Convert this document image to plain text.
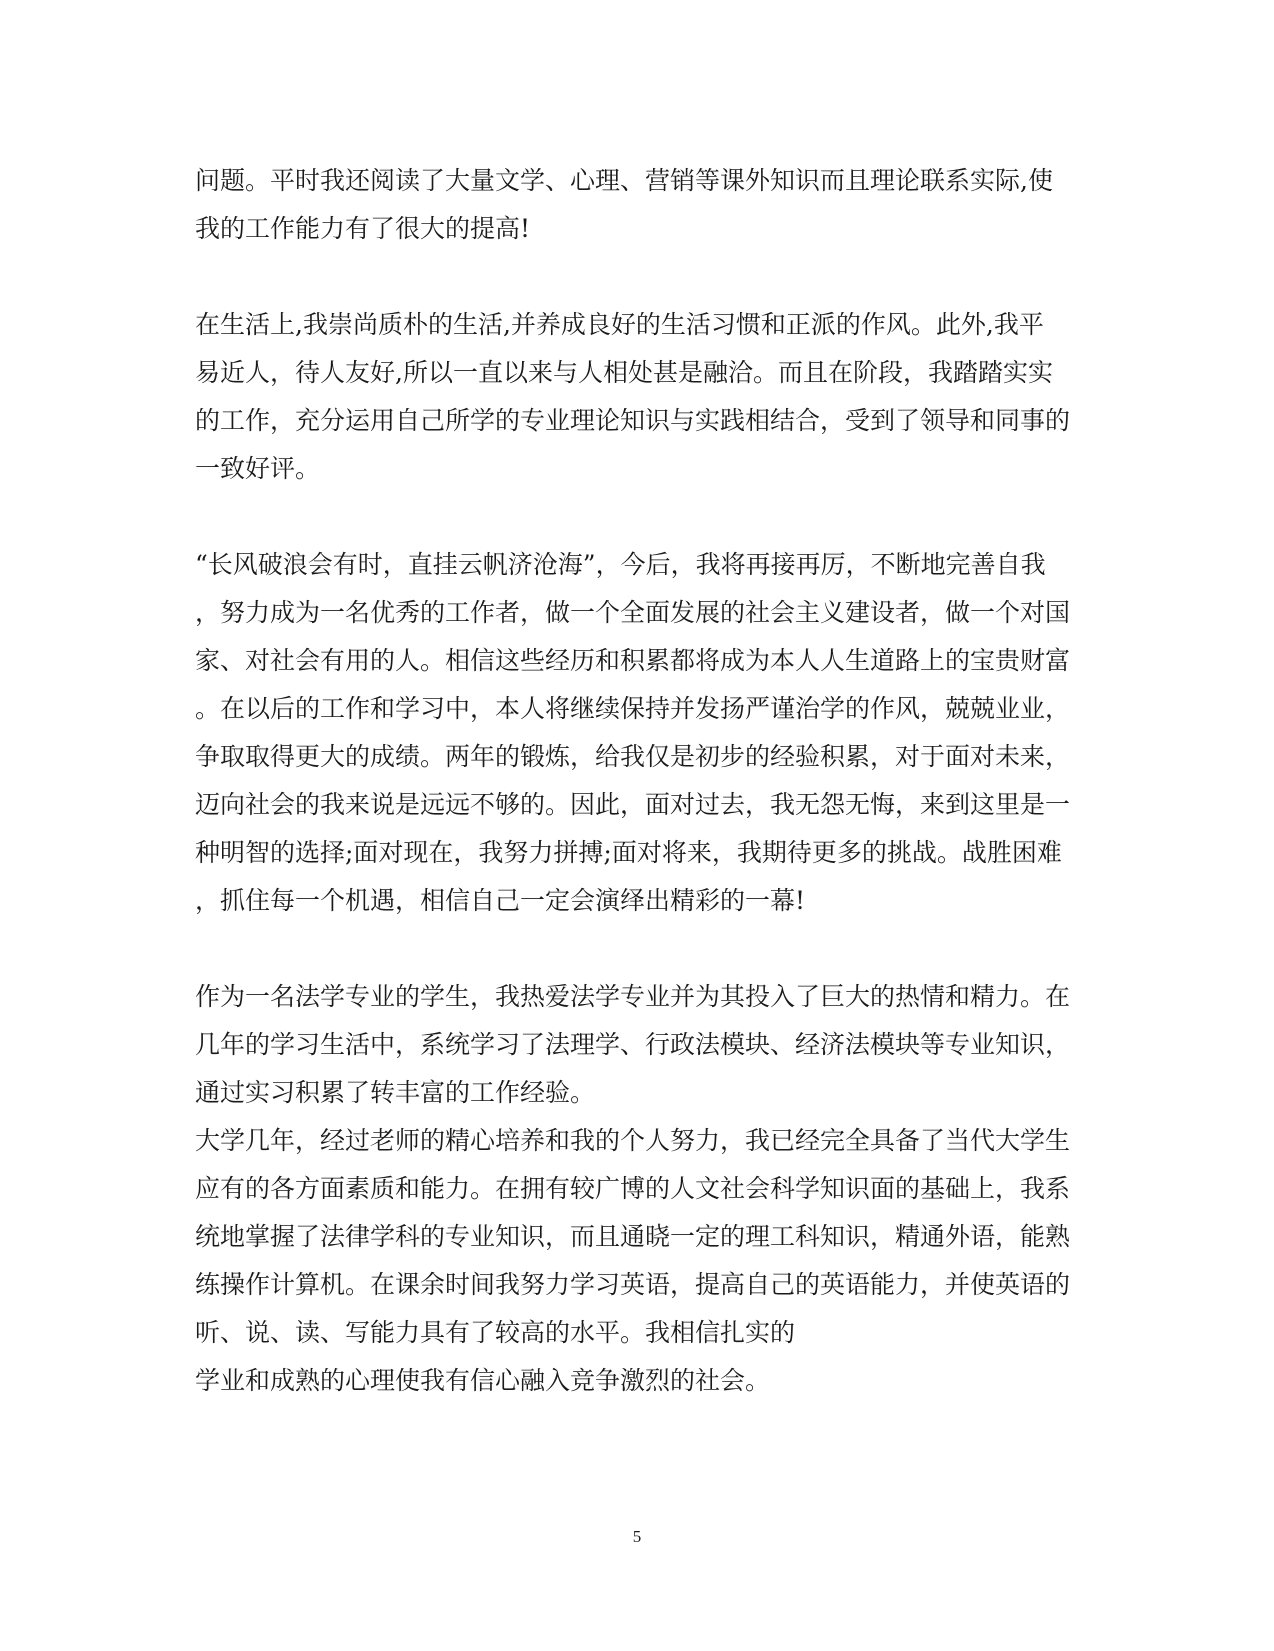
问题。平时我还阅读了大量文学、心理、营销等课外知识而且理论联系实际,使
我的工作能力有了很大的提高!
在生活上,我崇尚质朴的生活,并养成良好的生活习惯和正派的作风。此外,我平
易近人，待人友好,所以一直以来与人相处甚是融洽。而且在阶段，我踏踏实实
的工作，充分运用自己所学的专业理论知识与实践相结合，受到了领导和同事的
一致好评。
“长风破浪会有时，直挂云帆济沧海”，今后，我将再接再厉，不断地完善自我
，努力成为一名优秀的工作者，做一个全面发展的社会主义建设者，做一个对国
家、对社会有用的人。相信这些经历和积累都将成为本人人生道路上的宝贵财富
。在以后的工作和学习中，本人将继续保持并发扬严谨治学的作风，兢兢业业，
争取取得更大的成绩。两年的锻炼，给我仅是初步的经验积累，对于面对未来，
迈向社会的我来说是远远不够的。因此，面对过去，我无怨无悔，来到这里是一
种明智的选择;面对现在，我努力拼搏;面对将来，我期待更多的挑战。战胜困难
，抓住每一个机遇，相信自己一定会演绎出精彩的一幕!
作为一名法学专业的学生，我热爱法学专业并为其投入了巨大的热情和精力。在
几年的学习生活中，系统学习了法理学、行政法模块、经济法模块等专业知识，
通过实习积累了转丰富的工作经验。
大学几年，经过老师的精心培养和我的个人努力，我已经完全具备了当代大学生
应有的各方面素质和能力。在拥有较广博的人文社会科学知识面的基础上，我系
统地掌握了法律学科的专业知识，而且通晓一定的理工科知识，精通外语，能熟
练操作计算机。在课余时间我努力学习英语，提高自己的英语能力，并使英语的
听、说、读、写能力具有了较高的水平。我相信扎实的
学业和成熟的心理使我有信心融入竞争激烈的社会。
5
